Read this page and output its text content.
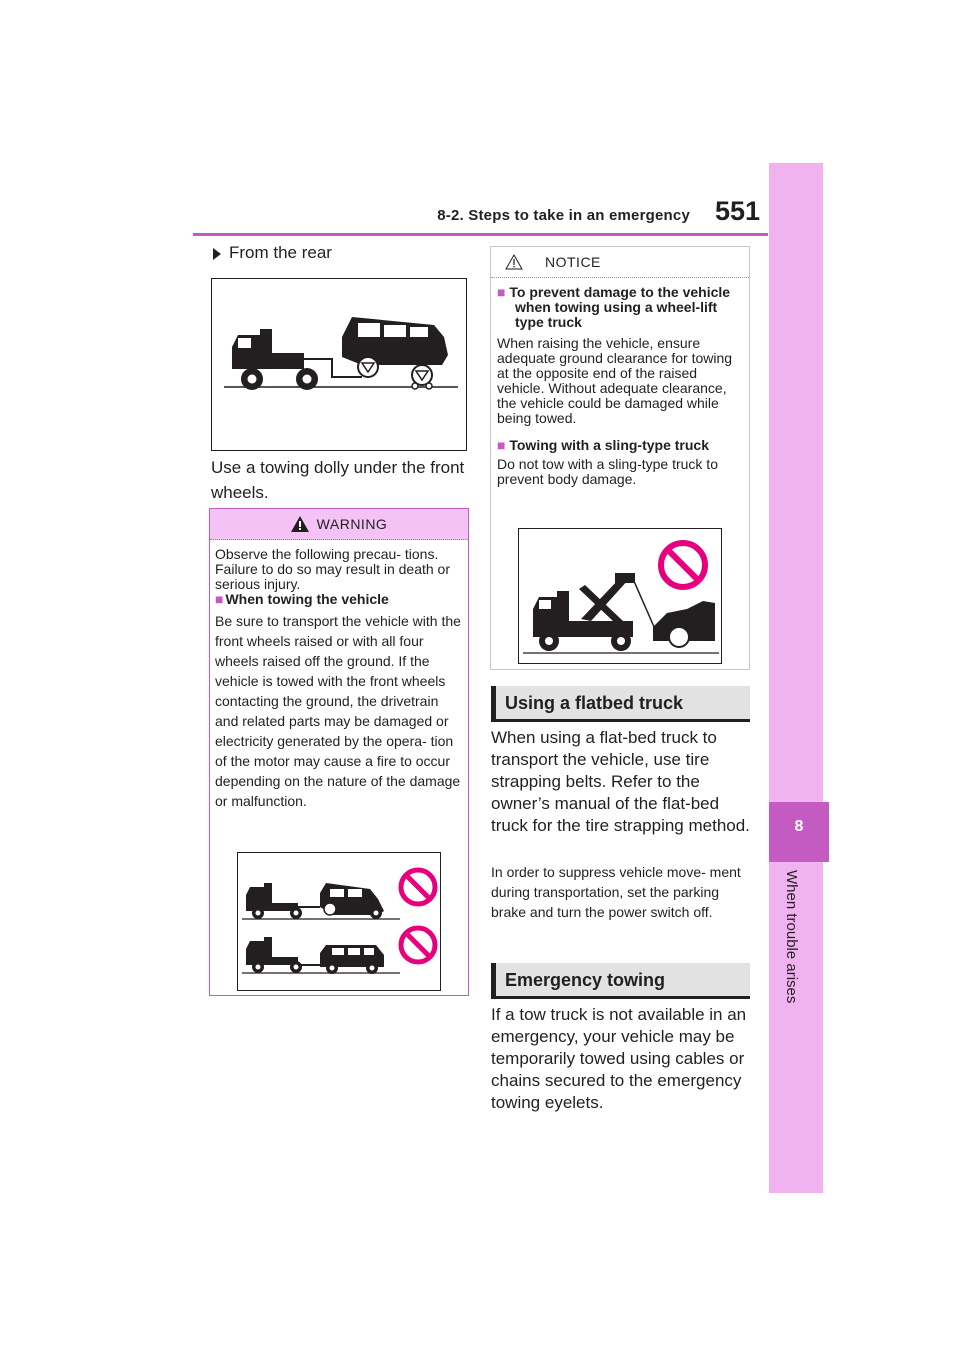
8-2. Steps to take in an emergency 551
8
When trouble arises
From the rear
Use a towing dolly under the front wheels.
WARNING

Observe the following precau- tions. Failure to do so may result in death or serious injury.

■ When towing the vehicle

Be sure to transport the vehicle with the front wheels raised or with all four wheels raised off the ground. If the vehicle is towed with the front wheels contacting the ground, the drivetrain and related parts may be damaged or electricity generated by the opera- tion of the motor may cause a fire to occur depending on the nature of the damage or malfunction.

NOTICE

■ To prevent damage to the vehicle when towing using a wheel-lift type truck

When raising the vehicle, ensure adequate ground clearance for towing at the opposite end of the raised vehicle. Without adequate clearance, the vehicle could be damaged while being towed.

■ Towing with a sling-type truck

Do not tow with a sling-type truck to prevent body damage.

Using a flatbed truck
When using a flat-bed truck to transport the vehicle, use tire strapping belts. Refer to the owner’s manual of the flat-bed truck for the tire strapping method.
In order to suppress vehicle move- ment during transportation, set the parking brake and turn the power switch off.
Emergency towing
If a tow truck is not available in an emergency, your vehicle may be temporarily towed using cables or chains secured to the emergency towing eyelets.
